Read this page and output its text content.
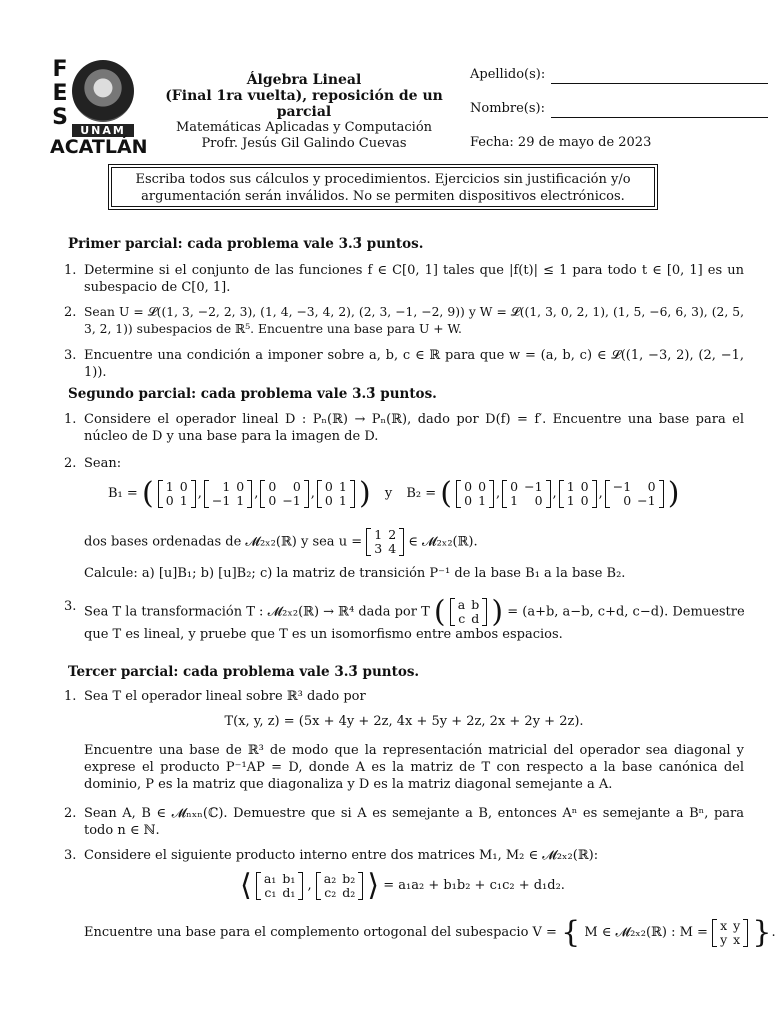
F
E
S
UNAM
ACATLÁN
Álgebra Lineal
(Final 1ra vuelta), reposición de un parcial
Matemáticas Aplicadas y Computación
Profr. Jesús Gil Galindo Cuevas
Apellido(s):
Nombre(s):
Fecha: 29 de mayo de 2023
Escriba todos sus cálculos y procedimientos. Ejercicios sin justificación y/o
argumentación serán inválidos. No se permiten dispositivos electrónicos.
Primer parcial: cada problema vale 3.3̄ puntos.
1. Determine si el conjunto de las funciones f ∈ C[0, 1] tales que |f(t)| ≤ 1 para todo t ∈ [0, 1] es un subespacio de C[0, 1].
2. Sean U = 𝓛((1, 3, −2, 2, 3), (1, 4, −3, 4, 2), (2, 3, −1, −2, 9)) y W = 𝓛((1, 3, 0, 2, 1), (1, 5, −6, 6, 3), (2, 5, 3, 2, 1)) subespacios de ℝ⁵. Encuentre una base para U + W.
3. Encuentre una condición a imponer sobre a, b, c ∈ ℝ para que w = (a, b, c) ∈ 𝓛((1, −3, 2), (2, −1, 1)).
Segundo parcial: cada problema vale 3.3̄ puntos.
1. Considere el operador lineal D : Pₙ(ℝ) → Pₙ(ℝ), dado por D(f) = f′. Encuentre una base para el núcleo de D y una base para la imagen de D.
2. Sean:
B₁ = ( 1	0
0	1 , 1	0
−1	1 , 0	0
0	−1 , 0	1
0	1 ) y B₂ = ( 0	0
0	1 , 0	−1
1	0 , 1	0
1	0 , −1	0
0	−1 )
dos bases ordenadas de 𝓜₂ₓ₂(ℝ) y sea u = 1	2
3	4 ∈ 𝓜₂ₓ₂(ℝ).
Calcule: a) [u]B₁; b) [u]B₂; c) la matriz de transición P⁻¹ de la base B₁ a la base B₂.
3. Sea T la transformación T : 𝓜₂ₓ₂(ℝ) → ℝ⁴ dada por T ( a	b
c	d ) = (a+b, a−b, c+d, c−d). Demuestre
que T es lineal, y pruebe que T es un isomorfismo entre ambos espacios.
Tercer parcial: cada problema vale 3.3̄ puntos.
1. Sea T el operador lineal sobre ℝ³ dado por
T(x, y, z) = (5x + 4y + 2z, 4x + 5y + 2z, 2x + 2y + 2z).
Encuentre una base de ℝ³ de modo que la representación matricial del operador sea diagonal y exprese el producto P⁻¹AP = D, donde A es la matriz de T con respecto a la base canónica del dominio, P es la matriz que diagonaliza y D es la matriz diagonal semejante a A.
2. Sean A, B ∈ 𝓜ₙₓₙ(ℂ). Demuestre que si A es semejante a B, entonces Aⁿ es semejante a Bⁿ, para todo n ∈ ℕ.
3. Considere el siguiente producto interno entre dos matrices M₁, M₂ ∈ 𝓜₂ₓ₂(ℝ):
⟨ a₁	b₁
c₁	d₁ , a₂	b₂
c₂	d₂ ⟩ = a₁a₂ + b₁b₂ + c₁c₂ + d₁d₂.
Encuentre una base para el complemento ortogonal del subespacio V = { M ∈ 𝓜₂ₓ₂(ℝ) : M = x	y
y	x }.
